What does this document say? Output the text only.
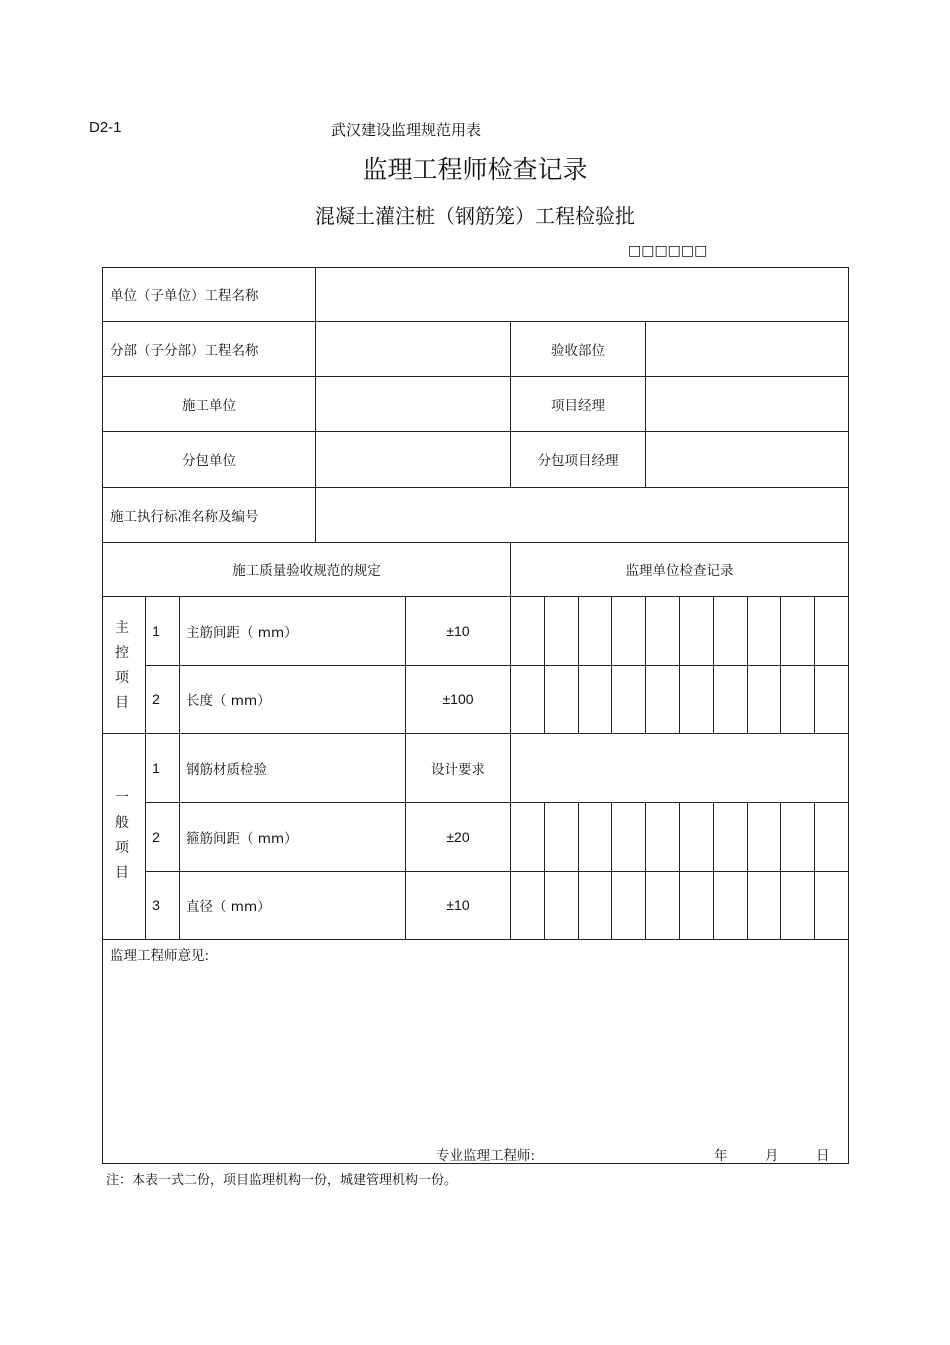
D2-1	武汉建设监理规范用表
监理工程师检查记录
混凝土灌注桩（钢筋笼）工程检验批
□□□□□□
单位（子单位）工程名称
分部（子分部）工程名称	验收部位
施工单位	项目经理
分包单位	分包项目经理
施工执行标准名称及编号
施工质量验收规范的规定	监理单位检查记录
主
控
项
目
1	主筋间距（ mm）	±10
2	长度（ mm）	±100
一
般
项
目
1	钢筋材质检验	设计要求
2	箍筋间距（ mm）	±20
3	直径（ mm）	±10
监理工程师意见:
专业监理工程师:	年	月	日
注：本表一式二份，项目监理机构一份，城建管理机构一份。
